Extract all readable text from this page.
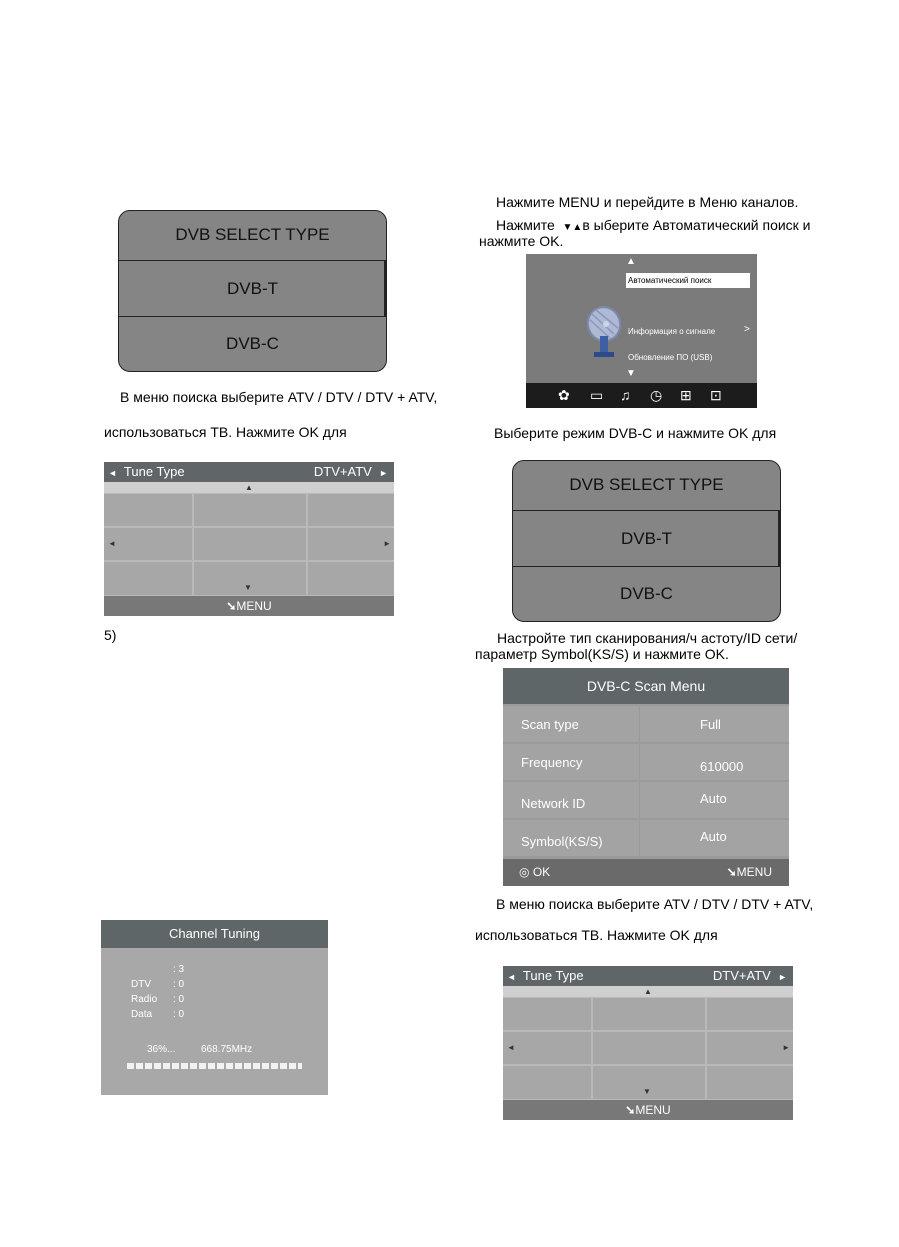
DVB SELECT TYPE
DVB-T
DVB-C
В меню поиска выберите ATV / DTV / DTV + ATV,
использоваться ТВ. Нажмите OK для
◄ Tune Type	DTV+ATV ►
▲
◄	►
▼
➘MENU
5)
Channel Tuning
: 3
DTV : 0
Radio : 0
Data : 0
36%...	668.75MHz
Нажмите MENU и перейдите в Меню каналов.
Нажмите ▼▲в ыберите Автоматический поиск и
нажмите OK.
▲
Автоматический поиск
Информация о сигнале	>
Обновление ПО (USB)
▼
✿ ▭ ♫ ◷ ⊞ ⊡
Выберите режим DVB-C и нажмите OK для
DVB SELECT TYPE
DVB-T
DVB-C
Настройте тип сканирования/ч астоту/ID сети/
параметр Symbol(KS/S) и нажмите OK.
DVB-C Scan Menu
Scan type	Full
Frequency	610000
Network ID	Auto
Symbol(KS/S)	Auto
◎ OK	➘MENU
В меню поиска выберите ATV / DTV / DTV + ATV,
использоваться ТВ. Нажмите OK для
◄ Tune Type	DTV+ATV ►
▲
◄	►
▼
➘MENU
